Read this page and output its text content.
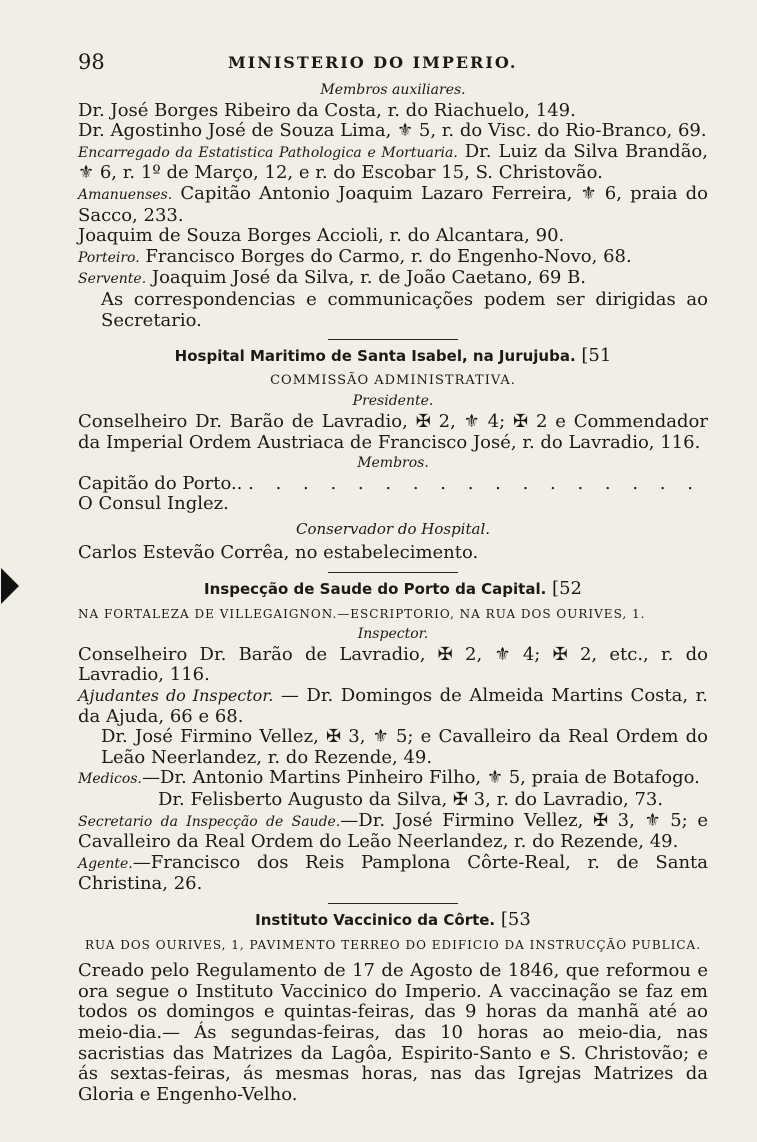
98	MINISTERIO DO IMPERIO.

Membros auxiliares.

Dr. José Borges Ribeiro da Costa, r. do Riachuelo, 149.

Dr. Agostinho José de Souza Lima, ⚜ 5, r. do Visc. do Rio-Branco, 69.

Encarregado da Estatistica Pathologica e Mortuaria. Dr. Luiz da Silva Brandão, ⚜ 6, r. 1º de Março, 12, e r. do Escobar 15, S. Christovão.

Amanuenses. Capitão Antonio Joaquim Lazaro Ferreira, ⚜ 6, praia do Sacco, 233.

Joaquim de Souza Borges Accioli, r. do Alcantara, 90.

Porteiro. Francisco Borges do Carmo, r. do Engenho-Novo, 68.

Servente. Joaquim José da Silva, r. de João Caetano, 69 B.

As correspondencias e communicações podem ser dirigidas ao Secretario.

Hospital Maritimo de Santa Isabel, na Jurujuba. [51

COMMISSÃO ADMINISTRATIVA.

Presidente.

Conselheiro Dr. Barão de Lavradio, ✠ 2, ⚜ 4; ✠ 2 e Commendador da Imperial Ordem Austriaca de Francisco José, r. do Lavradio, 116.

Membros.

Capitão do Porto.. . . . . . . . . . . . . . . . . .

O Consul Inglez.

Conservador do Hospital.

Carlos Estevão Corrêa, no estabelecimento.

Inspecção de Saude do Porto da Capital. [52

NA FORTALEZA DE VILLEGAIGNON.—ESCRIPTORIO, NA RUA DOS OURIVES, 1.

Inspector.

Conselheiro Dr. Barão de Lavradio, ✠ 2, ⚜ 4; ✠ 2, etc., r. do Lavradio, 116.

Ajudantes do Inspector. — Dr. Domingos de Almeida Martins Costa, r. da Ajuda, 66 e 68.

Dr. José Firmino Vellez, ✠ 3, ⚜ 5; e Cavalleiro da Real Ordem do Leão Neerlandez, r. do Rezende, 49.

Medicos.—Dr. Antonio Martins Pinheiro Filho, ⚜ 5, praia de Botafogo.

Dr. Felisberto Augusto da Silva, ✠ 3, r. do Lavradio, 73.

Secretario da Inspecção de Saude.—Dr. José Firmino Vellez, ✠ 3, ⚜ 5; e Cavalleiro da Real Ordem do Leão Neerlandez, r. do Rezende, 49.

Agente.—Francisco dos Reis Pamplona Côrte-Real, r. de Santa Christina, 26.

Instituto Vaccinico da Côrte. [53

RUA DOS OURIVES, 1, PAVIMENTO TERREO DO EDIFICIO DA INSTRUCÇÃO PUBLICA.

Creado pelo Regulamento de 17 de Agosto de 1846, que reformou e ora segue o Instituto Vaccinico do Imperio. A vaccinação se faz em todos os domingos e quintas-feiras, das 9 horas da manhã até ao meio-dia.— Ás segundas-feiras, das 10 horas ao meio-dia, nas sacristias das Matrizes da Lagôa, Espirito-Santo e S. Christovão; e ás sextas-feiras, ás mesmas horas, nas das Igrejas Matrizes da Gloria e Engenho-Velho.
